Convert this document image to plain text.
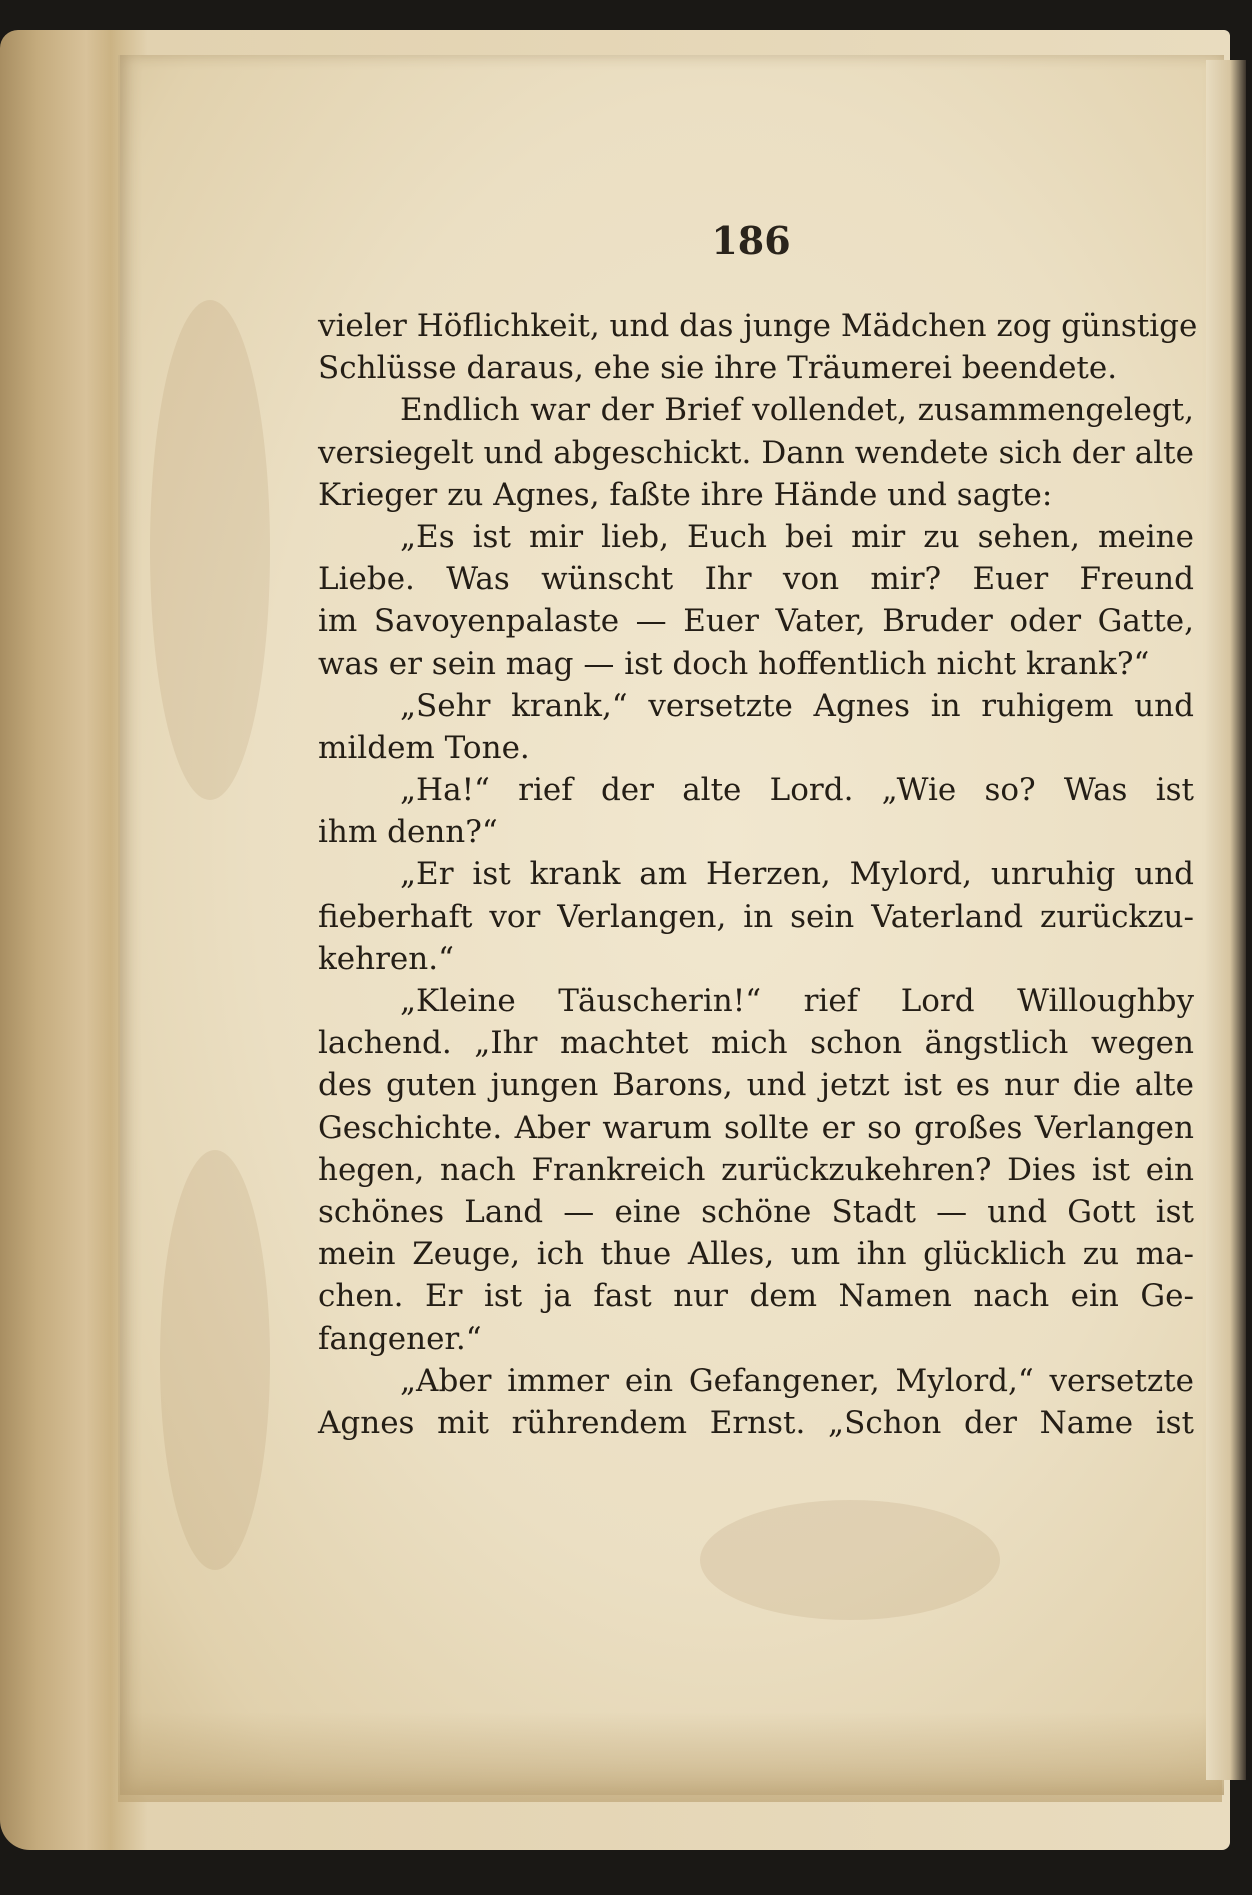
186
vieler Höflichkeit, und das junge Mädchen zog günstige
Schlüsse daraus, ehe sie ihre Träumerei beendete.
Endlich war der Brief vollendet, zusammengelegt,
versiegelt und abgeschickt. Dann wendete sich der alte
Krieger zu Agnes, faßte ihre Hände und sagte:
„Es ist mir lieb, Euch bei mir zu sehen, meine
Liebe. Was wünscht Ihr von mir? Euer Freund
im Savoyenpalaste — Euer Vater, Bruder oder Gatte,
was er sein mag — ist doch hoffentlich nicht krank?“
„Sehr krank,“ versetzte Agnes in ruhigem und
mildem Tone.
„Ha!“ rief der alte Lord. „Wie so? Was ist
ihm denn?“
„Er ist krank am Herzen, Mylord, unruhig und
fieberhaft vor Verlangen, in sein Vaterland zurückzu-
kehren.“
„Kleine Täuscherin!“ rief Lord Willoughby
lachend. „Ihr machtet mich schon ängstlich wegen
des guten jungen Barons, und jetzt ist es nur die alte
Geschichte. Aber warum sollte er so großes Verlangen
hegen, nach Frankreich zurückzukehren? Dies ist ein
schönes Land — eine schöne Stadt — und Gott ist
mein Zeuge, ich thue Alles, um ihn glücklich zu ma-
chen. Er ist ja fast nur dem Namen nach ein Ge-
fangener.“
„Aber immer ein Gefangener, Mylord,“ versetzte
Agnes mit rührendem Ernst. „Schon der Name ist
